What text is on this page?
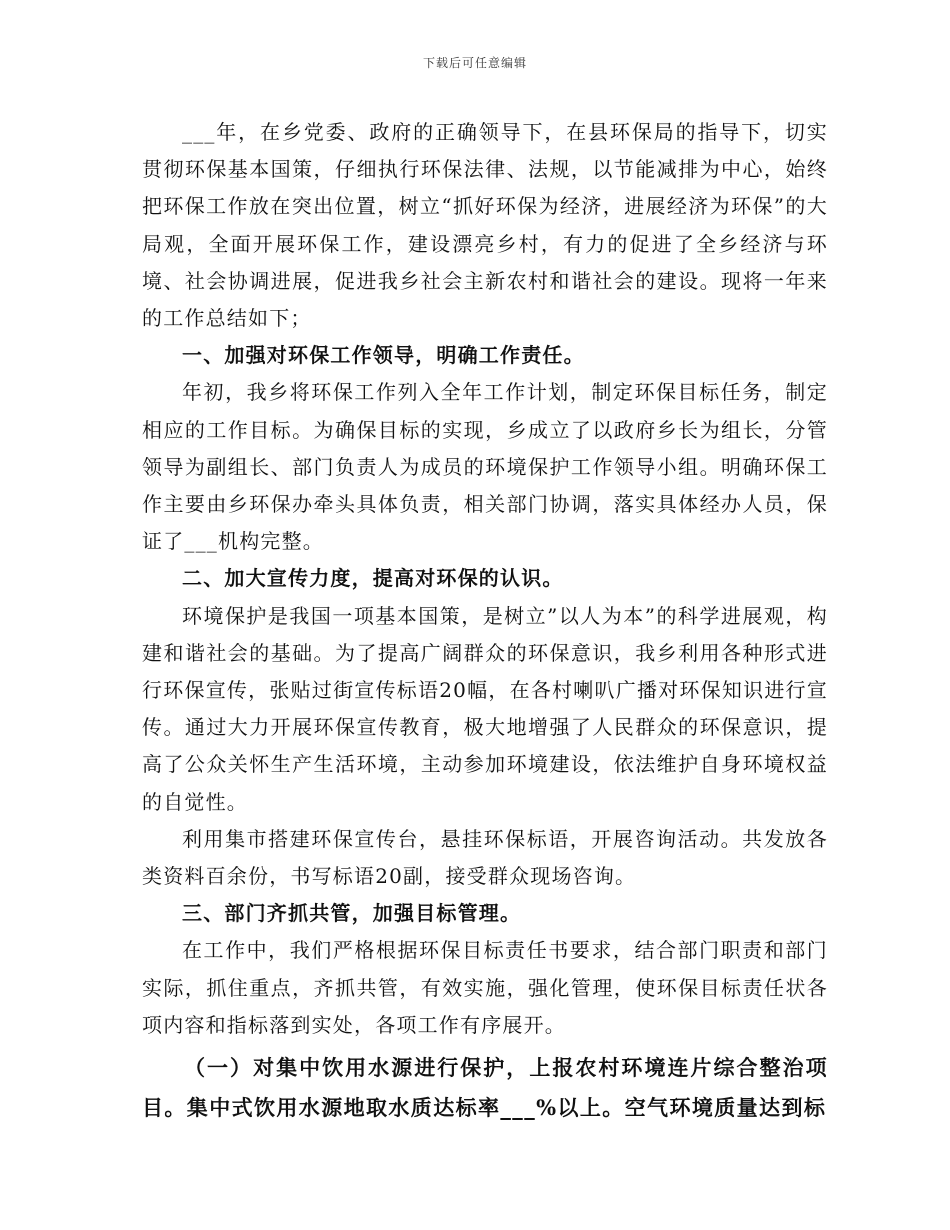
下载后可任意编辑

___年，在乡党委、政府的正确领导下，在县环保局的指导下，切实贯彻环保基本国策，仔细执行环保法律、法规，以节能减排为中心，始终把环保工作放在突出位置，树立“抓好环保为经济，进展经济为环保”的大局观，全面开展环保工作，建设漂亮乡村，有力的促进了全乡经济与环境、社会协调进展，促进我乡社会主新农村和谐社会的建设。现将一年来的工作总结如下；

一、加强对环保工作领导，明确工作责任。

年初，我乡将环保工作列入全年工作计划，制定环保目标任务，制定相应的工作目标。为确保目标的实现，乡成立了以政府乡长为组长，分管领导为副组长、部门负责人为成员的环境保护工作领导小组。明确环保工作主要由乡环保办牵头具体负责，相关部门协调，落实具体经办人员，保证了___机构完整。

二、加大宣传力度，提高对环保的认识。

环境保护是我国一项基本国策，是树立”以人为本”的科学进展观，构建和谐社会的基础。为了提高广阔群众的环保意识，我乡利用各种形式进行环保宣传，张贴过街宣传标语20幅，在各村喇叭广播对环保知识进行宣传。通过大力开展环保宣传教育，极大地增强了人民群众的环保意识，提高了公众关怀生产生活环境，主动参加环境建设，依法维护自身环境权益的自觉性。

利用集市搭建环保宣传台，悬挂环保标语，开展咨询活动。共发放各类资料百余份，书写标语20副，接受群众现场咨询。

三、部门齐抓共管，加强目标管理。

在工作中，我们严格根据环保目标责任书要求，结合部门职责和部门实际，抓住重点，齐抓共管，有效实施，强化管理，使环保目标责任状各项内容和指标落到实处，各项工作有序展开。

（一）对集中饮用水源进行保护，上报农村环境连片综合整治项目。集中式饮用水源地取水质达标率___%以上。空气环境质量达到标
